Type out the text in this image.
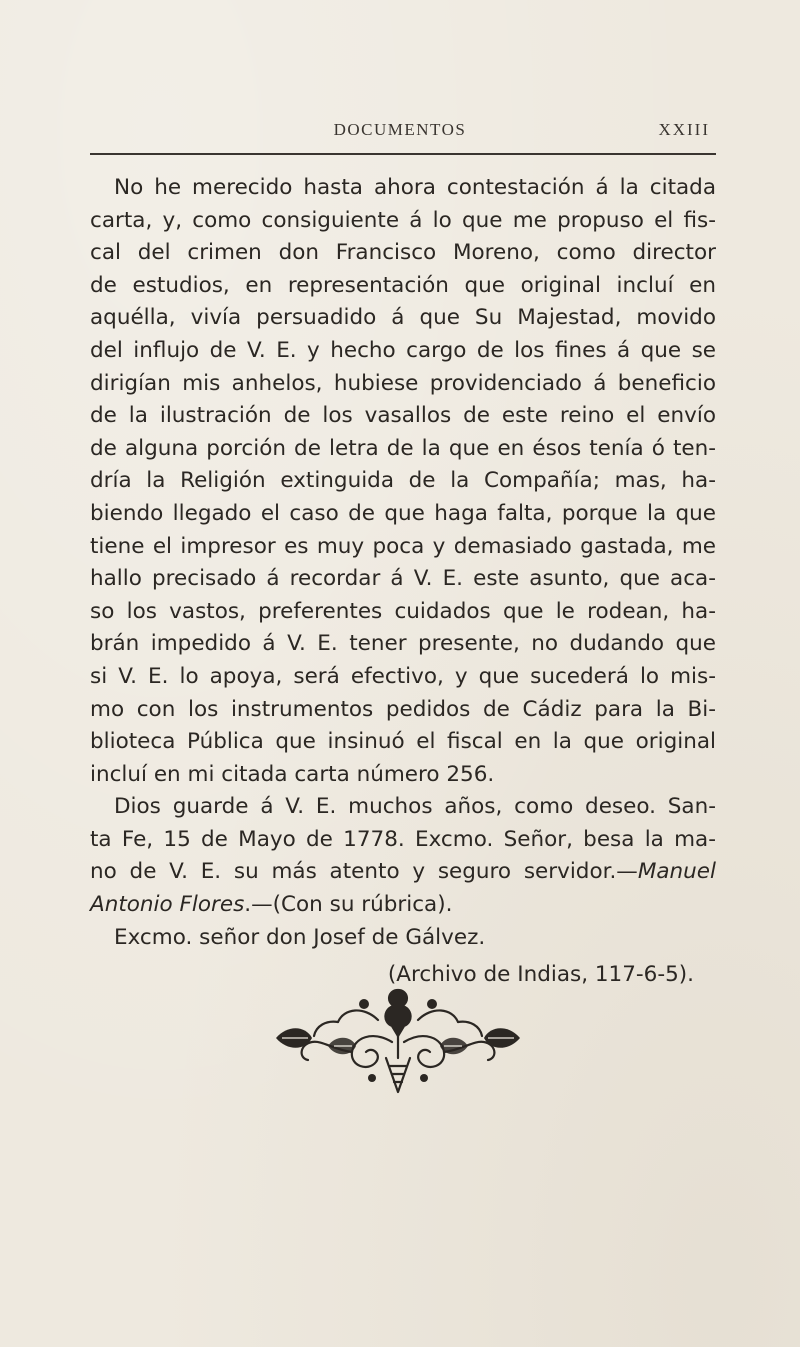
DOCUMENTOS	XXIII
No he merecido hasta ahora contestación á la citada
carta, y, como consiguiente á lo que me propuso el fis-
cal del crimen don Francisco Moreno, como director
de estudios, en representación que original incluí en
aquélla, vivía persuadido á que Su Majestad, movido
del influjo de V. E. y hecho cargo de los fines á que se
dirigían mis anhelos, hubiese providenciado á beneficio
de la ilustración de los vasallos de este reino el envío
de alguna porción de letra de la que en ésos tenía ó ten-
dría la Religión extinguida de la Compañía; mas, ha-
biendo llegado el caso de que haga falta, porque la que
tiene el impresor es muy poca y demasiado gastada, me
hallo precisado á recordar á V. E. este asunto, que aca-
so los vastos, preferentes cuidados que le rodean, ha-
brán impedido á V. E. tener presente, no dudando que
si V. E. lo apoya, será efectivo, y que sucederá lo mis-
mo con los instrumentos pedidos de Cádiz para la Bi-
blioteca Pública que insinuó el fiscal en la que original
incluí en mi citada carta número 256.
Dios guarde á V. E. muchos años, como deseo. San-
ta Fe, 15 de Mayo de 1778. Excmo. Señor, besa la ma-
no de V. E. su más atento y seguro servidor.—Manuel
Antonio Flores.—(Con su rúbrica).

Excmo. señor don Josef de Gálvez.

(Archivo de Indias, 117-6-5).
